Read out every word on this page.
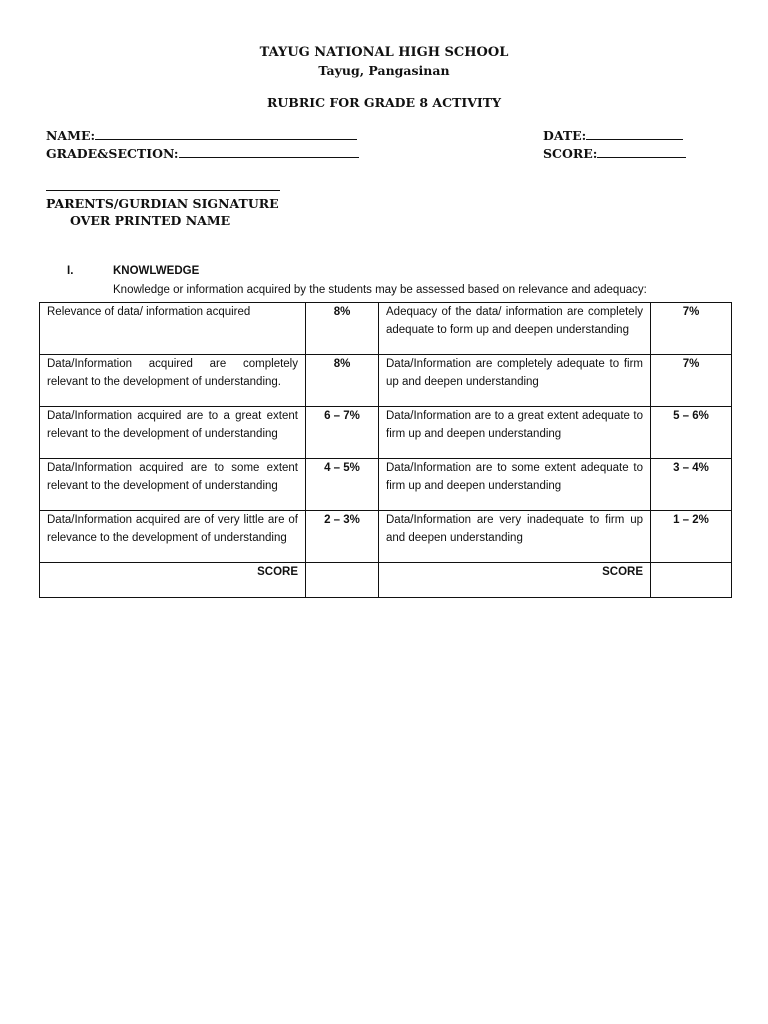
TAYUG NATIONAL HIGH SCHOOL
Tayug, Pangasinan
RUBRIC FOR GRADE 8 ACTIVITY
NAME:	DATE:
GRADE&SECTION:	SCORE:
PARENTS/GURDIAN SIGNATURE
OVER PRINTED NAME
I.	KNOWLWEDGE
Knowledge or information acquired by the students may be assessed based on relevance and adequacy:
Relevance of data/ information acquired	8%	Adequacy of the data/ information are completely adequate to form up and deepen understanding	7%
Data/Information acquired are completely relevant to the development of understanding.	8%	Data/Information are completely adequate to firm up and deepen understanding	7%
Data/Information acquired are to a great extent relevant to the development of understanding	6 – 7%	Data/Information are to a great extent adequate to firm up and deepen understanding	5 – 6%
Data/Information acquired are to some extent relevant to the development of understanding	4 – 5%	Data/Information are to some extent adequate to firm up and deepen understanding	3 – 4%
Data/Information acquired are of very little are of relevance to the development of understanding	2 – 3%	Data/Information are very inadequate to firm up and deepen understanding	1 – 2%
SCORE		SCORE	
